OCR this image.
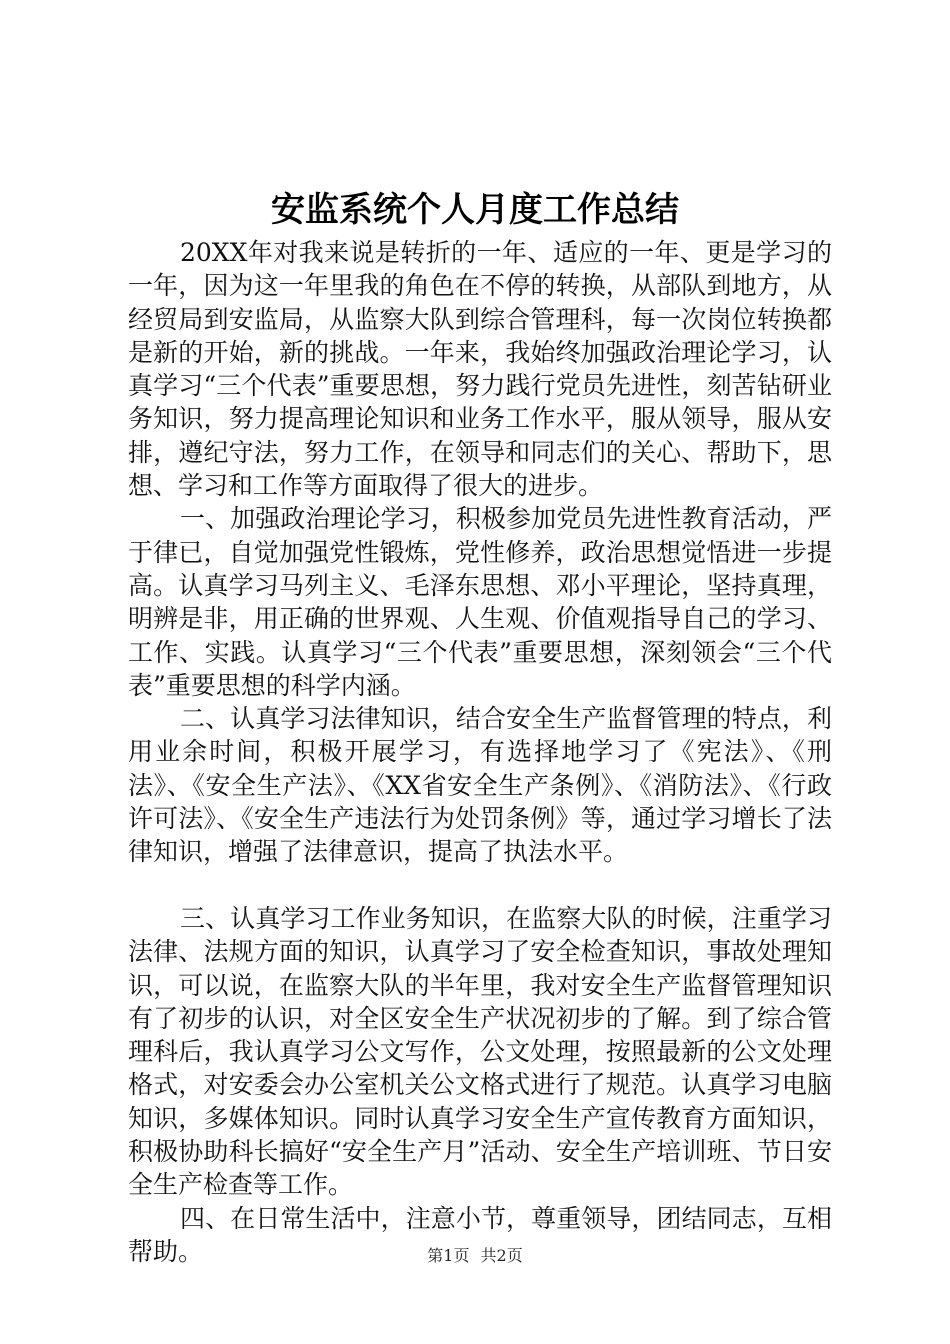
安监系统个人月度工作总结

20XX年对我来说是转折的一年、适应的一年、更是学习的一年，因为这一年里我的角色在不停的转换，从部队到地方，从经贸局到安监局，从监察大队到综合管理科，每一次岗位转换都是新的开始，新的挑战。一年来，我始终加强政治理论学习，认真学习“三个代表”重要思想，努力践行党员先进性，刻苦钻研业务知识，努力提高理论知识和业务工作水平，服从领导，服从安排，遵纪守法，努力工作，在领导和同志们的关心、帮助下，思想、学习和工作等方面取得了很大的进步。

一、加强政治理论学习，积极参加党员先进性教育活动，严于律已，自觉加强党性锻炼，党性修养，政治思想觉悟进一步提高。认真学习马列主义、毛泽东思想、邓小平理论，坚持真理，明辨是非，用正确的世界观、人生观、价值观指导自己的学习、工作、实践。认真学习“三个代表”重要思想，深刻领会“三个代表”重要思想的科学内涵。

二、认真学习法律知识，结合安全生产监督管理的特点，利用业余时间，积极开展学习，有选择地学习了《宪法》、《刑法》、《安全生产法》、《XX省安全生产条例》、《消防法》、《行政许可法》、《安全生产违法行为处罚条例》等，通过学习增长了法律知识，增强了法律意识，提高了执法水平。

三、认真学习工作业务知识，在监察大队的时候，注重学习法律、法规方面的知识，认真学习了安全检查知识，事故处理知识，可以说，在监察大队的半年里，我对安全生产监督管理知识有了初步的认识，对全区安全生产状况初步的了解。到了综合管理科后，我认真学习公文写作，公文处理，按照最新的公文处理格式，对安委会办公室机关公文格式进行了规范。认真学习电脑知识，多媒体知识。同时认真学习安全生产宣传教育方面知识，积极协助科长搞好“安全生产月”活动、安全生产培训班、节日安全生产检查等工作。

四、在日常生活中，注意小节，尊重领导，团结同志，互相帮助。	第1页 共2页
